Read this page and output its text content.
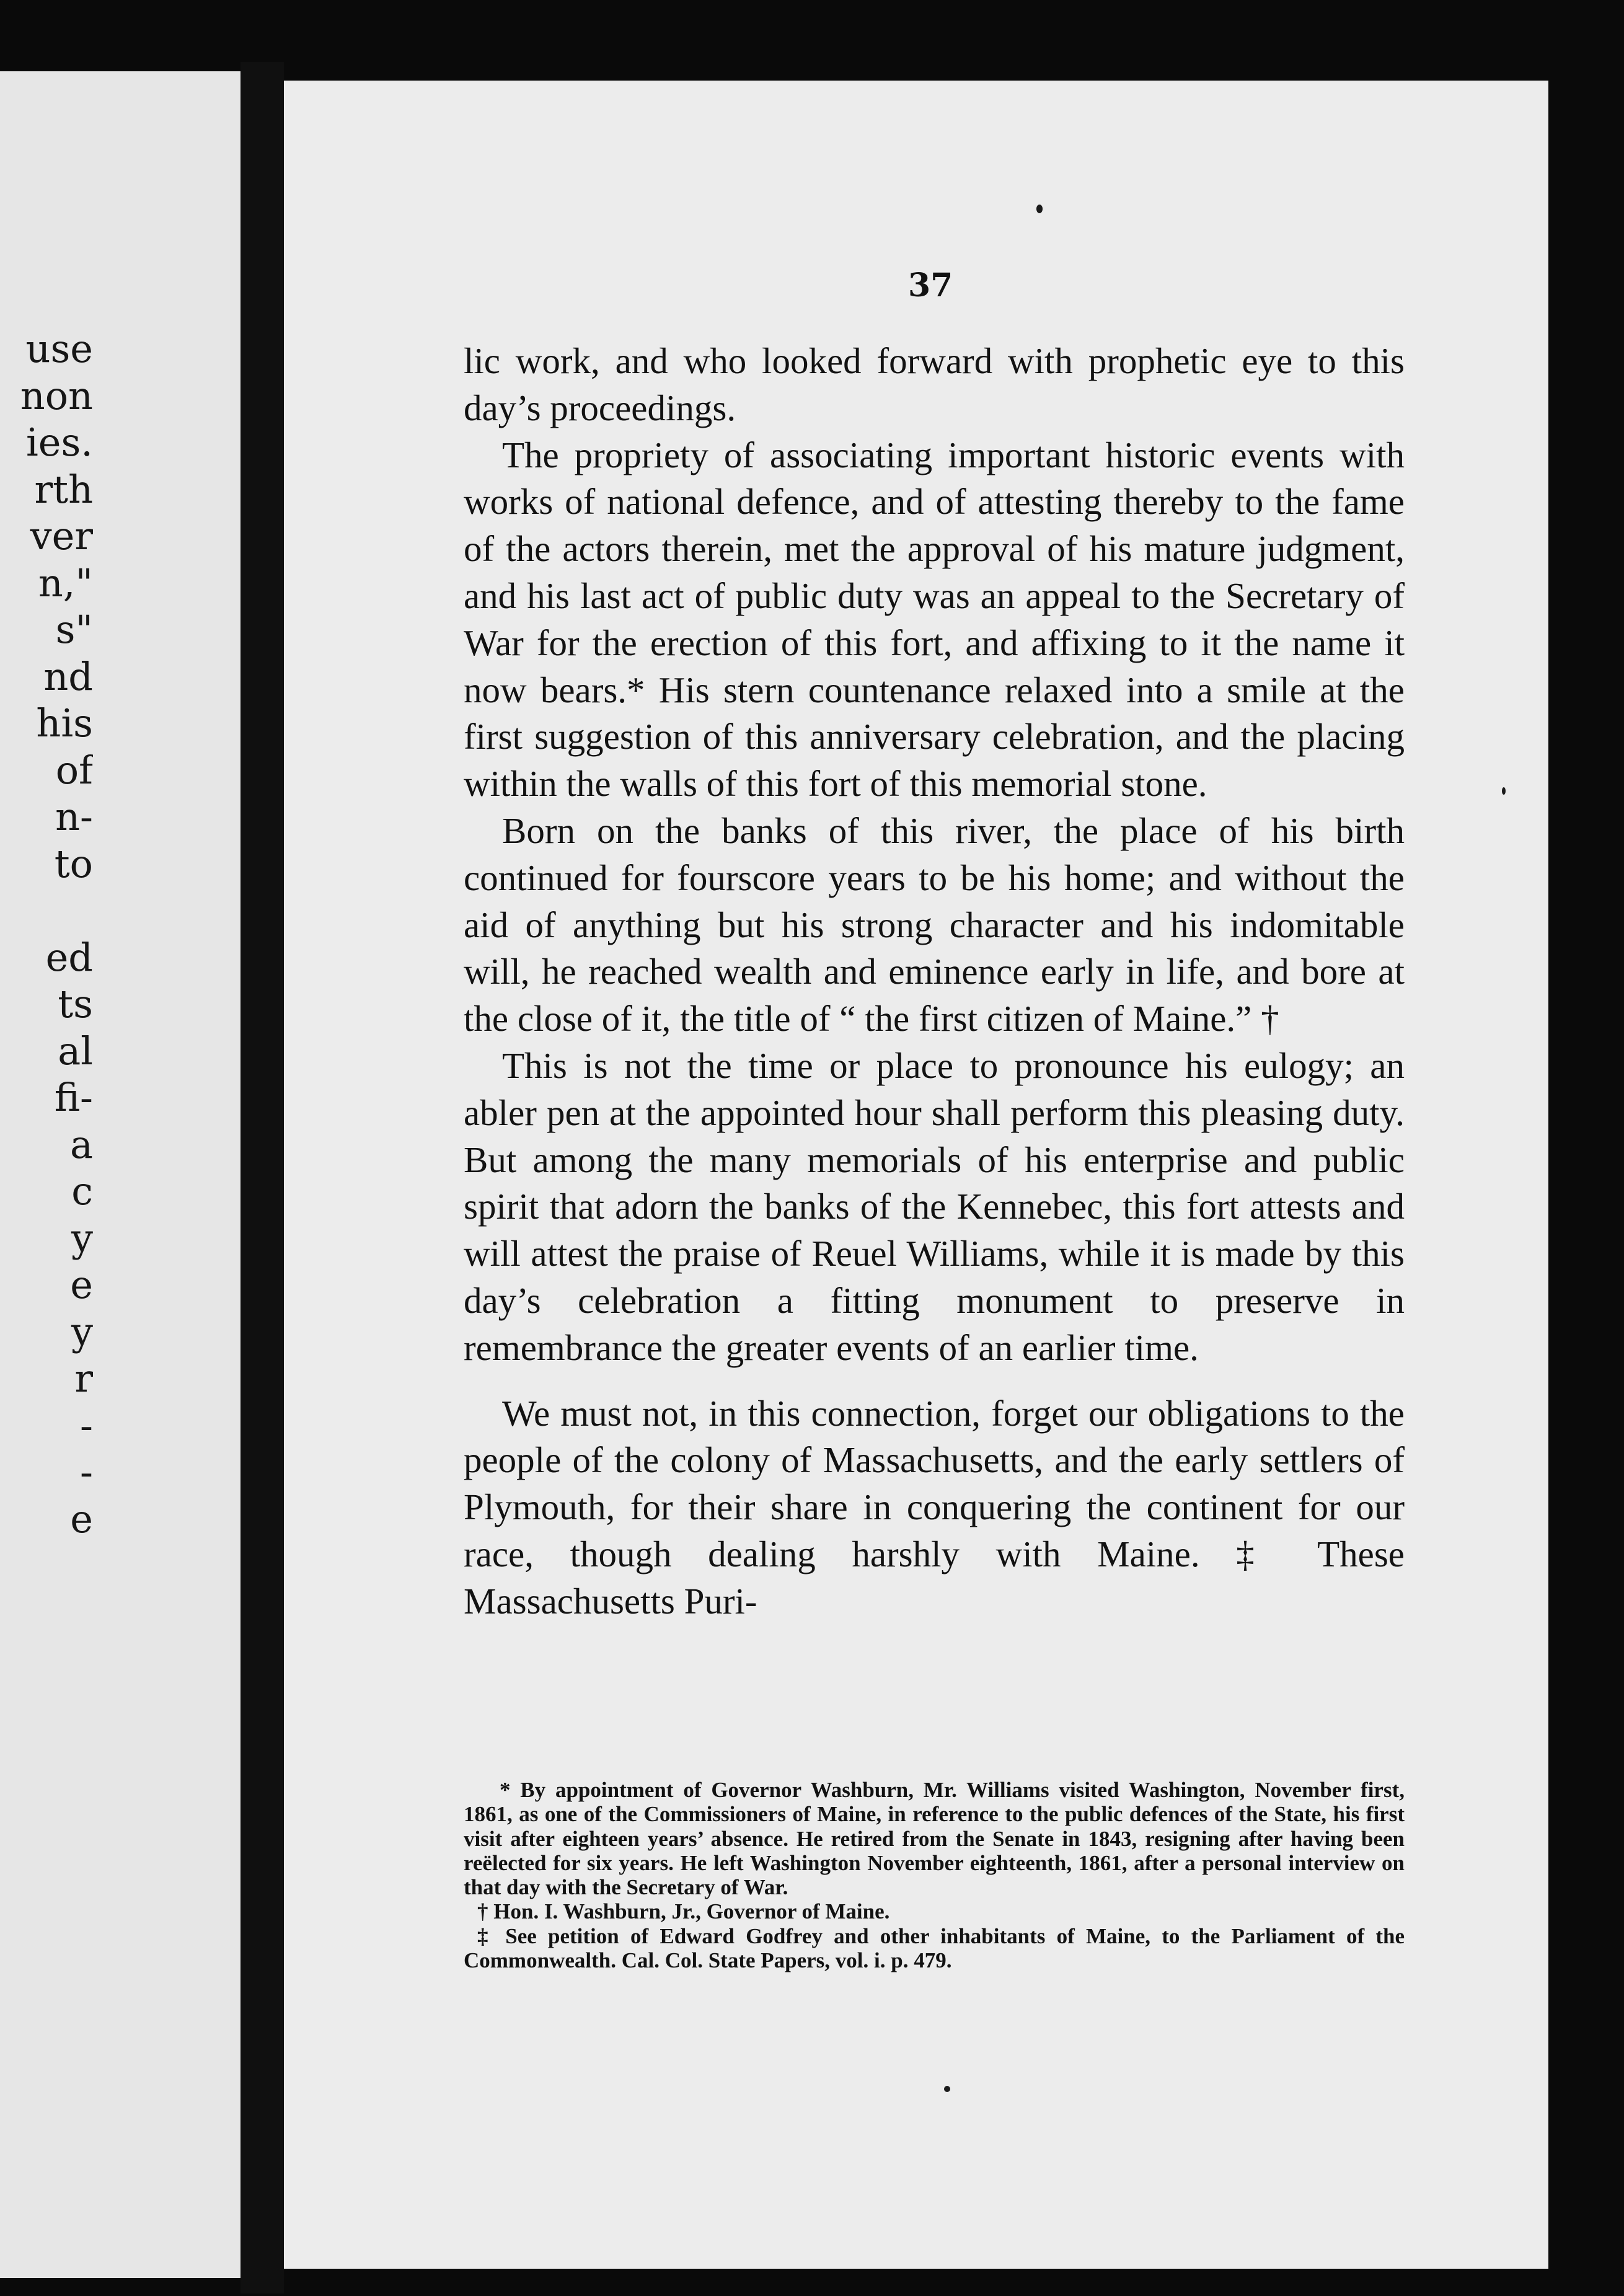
use
non
ies.
rth
ver
n,"
s"
nd
his
of
n-
to
ed
ts
al
fi-
a
c
y
e
y
r
-
-
e
37

lic work, and who looked forward with prophetic eye to this day’s proceedings.

The propriety of associating important historic events with works of national defence, and of attesting thereby to the fame of the actors therein, met the approval of his mature judgment, and his last act of public duty was an appeal to the Secretary of War for the erection of this fort, and affixing to it the name it now bears.* His stern countenance relaxed into a smile at the first suggestion of this anniversary celebration, and the placing within the walls of this fort of this memorial stone.

Born on the banks of this river, the place of his birth continued for fourscore years to be his home; and without the aid of anything but his strong character and his indomitable will, he reached wealth and eminence early in life, and bore at the close of it, the title of “ the first citizen of Maine.” †

This is not the time or place to pronounce his eulogy; an abler pen at the appointed hour shall perform this pleasing duty. But among the many memorials of his enterprise and public spirit that adorn the banks of the Kennebec, this fort attests and will attest the praise of Reuel Williams, while it is made by this day’s celebration a fitting monument to preserve in remembrance the greater events of an earlier time.

We must not, in this connection, forget our obligations to the people of the colony of Massachusetts, and the early settlers of Plymouth, for their share in conquering the continent for our race, though dealing harshly with Maine. ‡ These Massachusetts Puri-

* By appointment of Governor Washburn, Mr. Williams visited Washington, November first, 1861, as one of the Commissioners of Maine, in reference to the public defences of the State, his first visit after eighteen years’ absence. He retired from the Senate in 1843, resigning after having been reëlected for six years. He left Washington November eighteenth, 1861, after a personal interview on that day with the Secretary of War.

† Hon. I. Washburn, Jr., Governor of Maine.

‡ See petition of Edward Godfrey and other inhabitants of Maine, to the Parliament of the Commonwealth. Cal. Col. State Papers, vol. i. p. 479.
